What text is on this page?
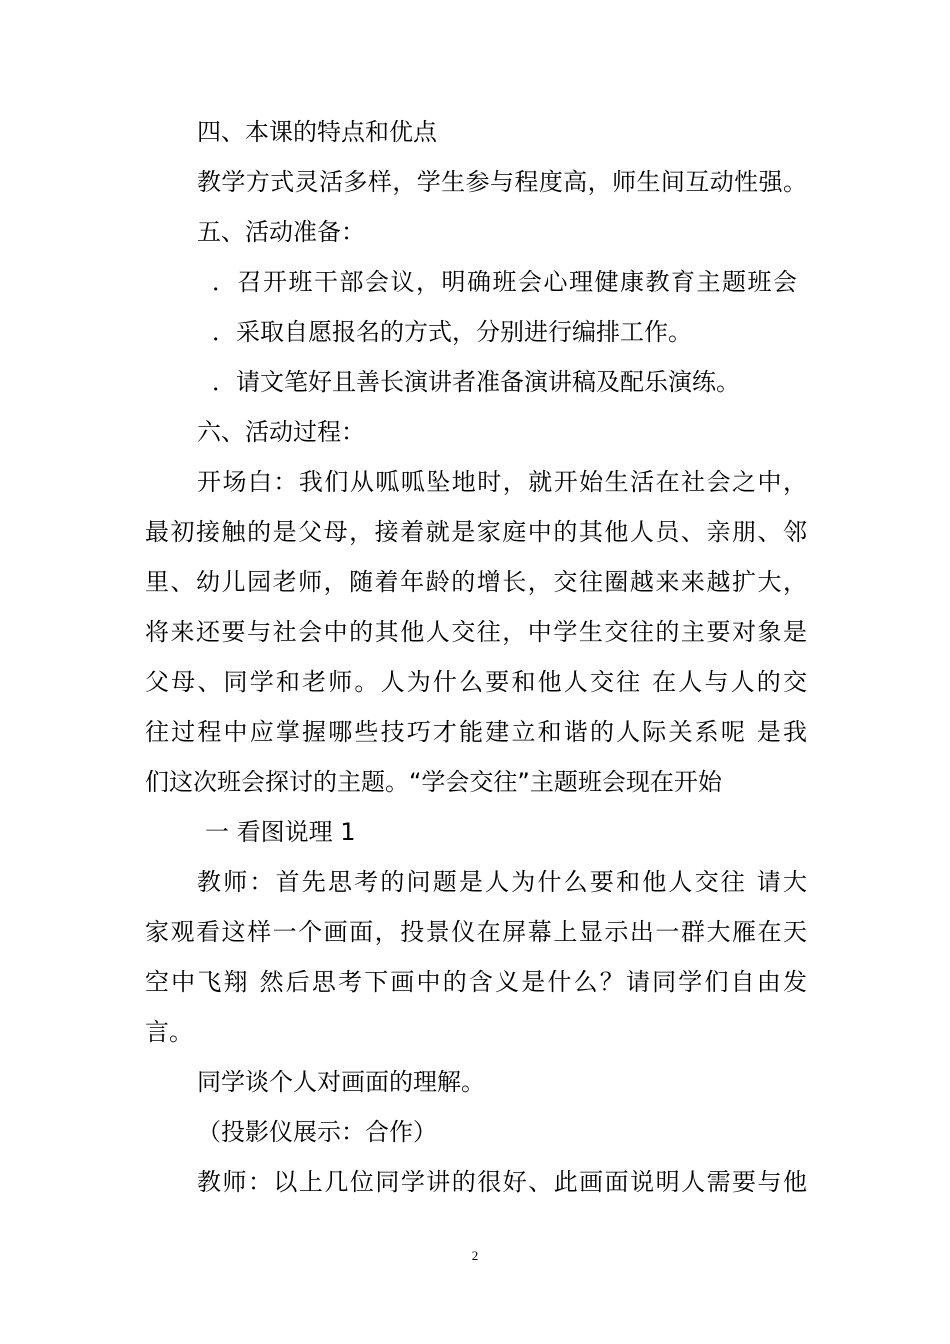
四、本课的特点和优点
教学方式灵活多样，学生参与程度高，师生间互动性强。
五、活动准备：
．召开班干部会议，明确班会心理健康教育主题班会
．采取自愿报名的方式，分别进行编排工作。
．请文笔好且善长演讲者准备演讲稿及配乐演练。
六、活动过程：
开场白：我们从呱呱坠地时，就开始生活在社会之中，
最初接触的是父母，接着就是家庭中的其他人员、亲朋、邻
里、幼儿园老师，随着年龄的增长，交往圈越来来越扩大，
将来还要与社会中的其他人交往，中学生交往的主要对象是
父母、同学和老师。人为什么要和他人交往 在人与人的交
往过程中应掌握哪些技巧才能建立和谐的人际关系呢 是我
们这次班会探讨的主题。“学会交往”主题班会现在开始
一 看图说理 1
教师：首先思考的问题是人为什么要和他人交往 请大
家观看这样一个画面，投景仪在屏幕上显示出一群大雁在天
空中飞翔 然后思考下画中的含义是什么？请同学们自由发
言。
同学谈个人对画面的理解。
（投影仪展示：合作）
教师：以上几位同学讲的很好、此画面说明人需要与他
2
